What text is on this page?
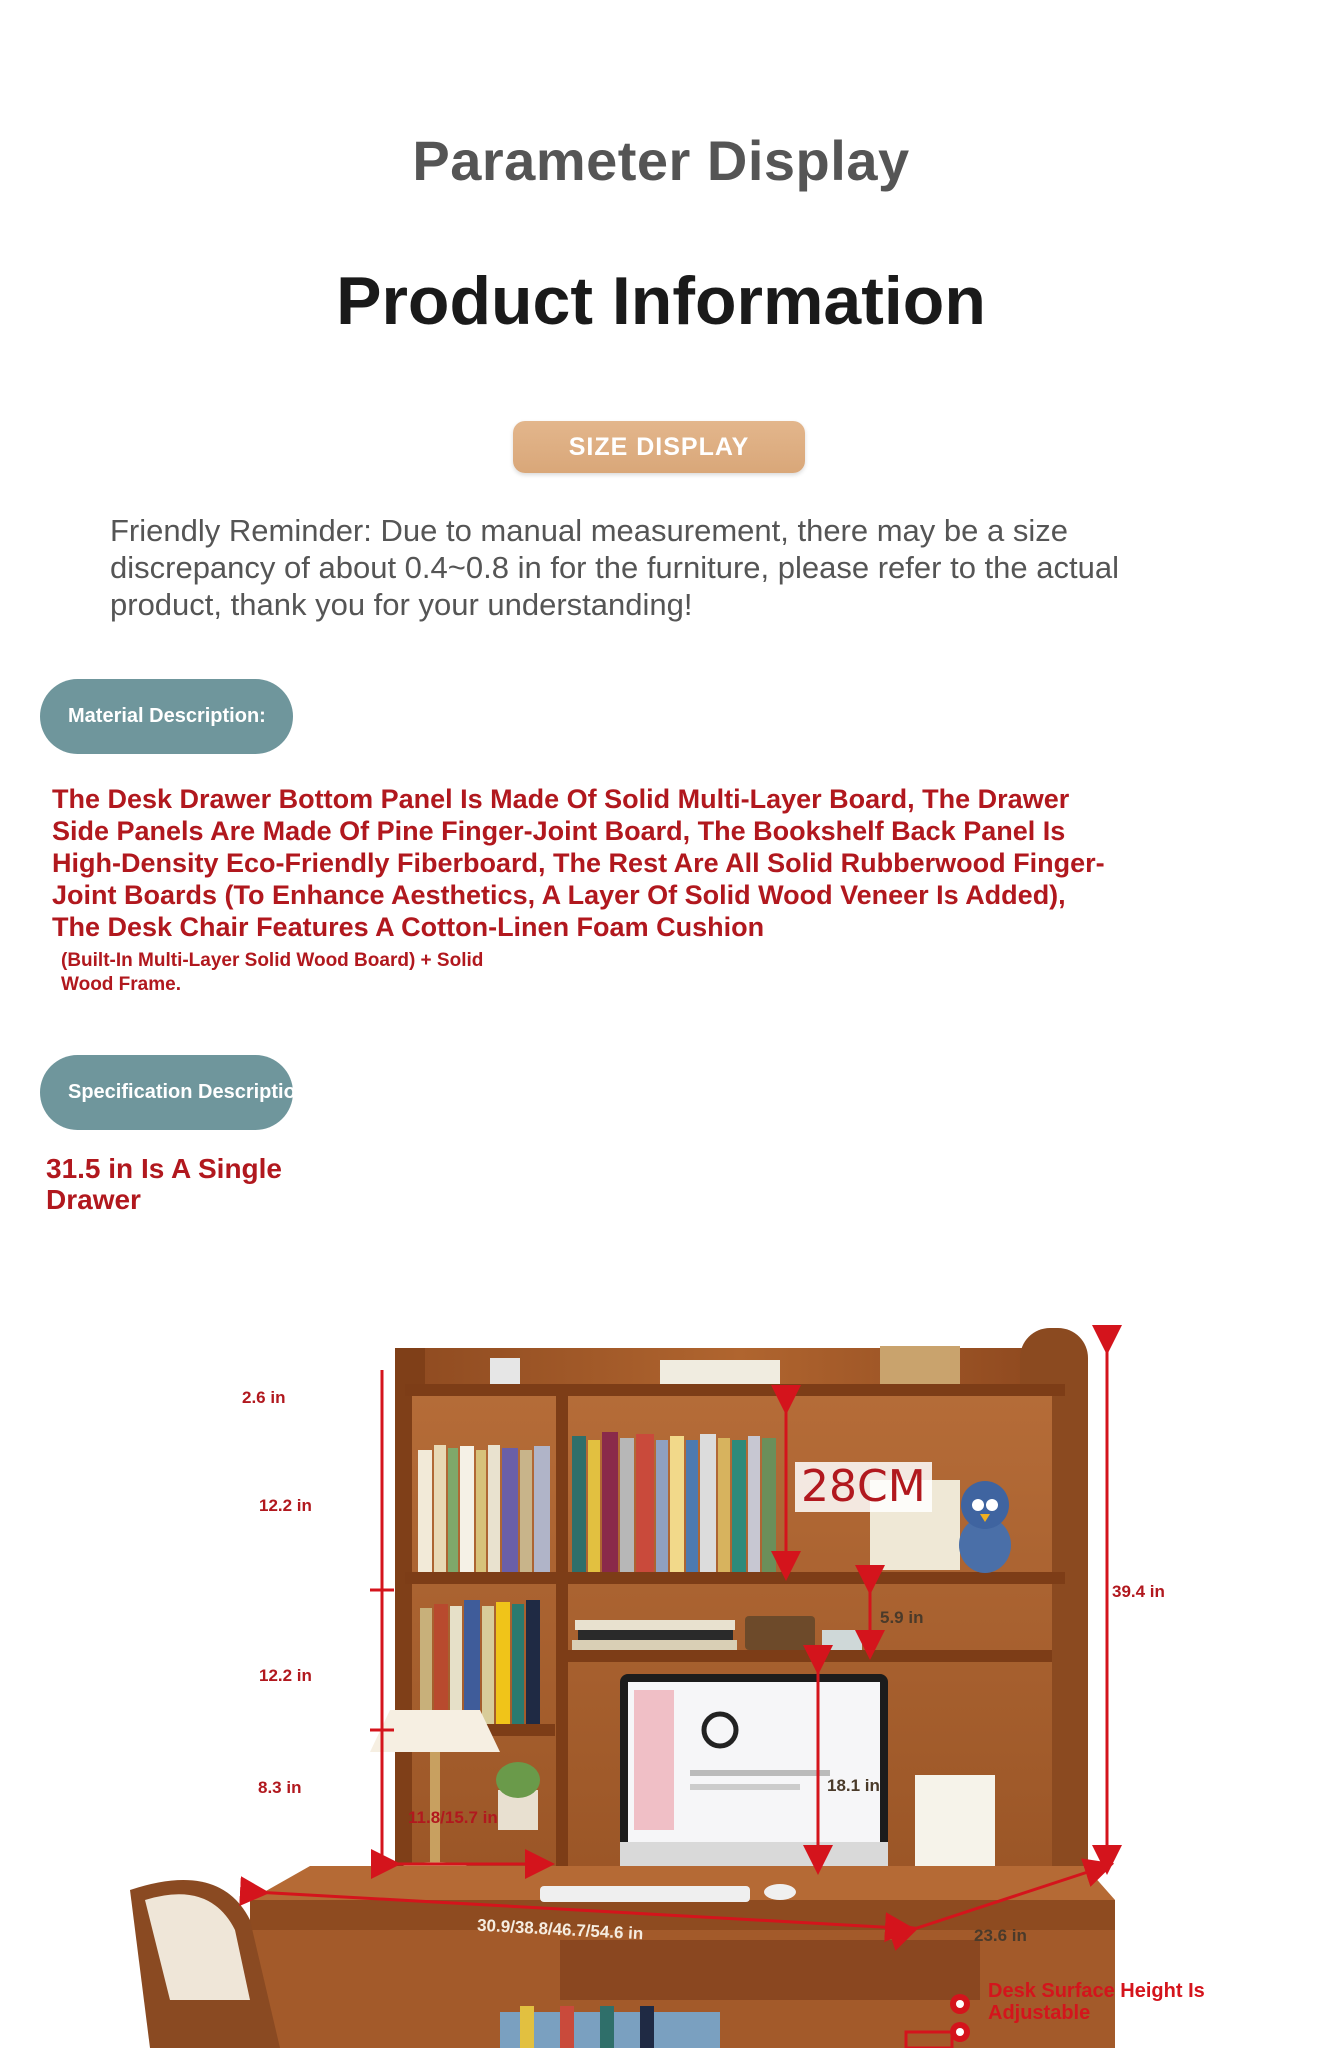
Parameter Display
Product Information
SIZE DISPLAY
Friendly Reminder: Due to manual measurement, there may be a size discrepancy of about 0.4~0.8 in for the furniture, please refer to the actual product, thank you for your understanding!
Material Description:
The Desk Drawer Bottom Panel Is Made Of Solid Multi-Layer Board, The Drawer Side Panels Are Made Of Pine Finger-Joint Board, The Bookshelf Back Panel Is High-Density Eco-Friendly Fiberboard, The Rest Are All Solid Rubberwood Finger-Joint Boards (To Enhance Aesthetics, A Layer Of Solid Wood Veneer Is Added), The Desk Chair Features A Cotton-Linen Foam Cushion
(Built-In Multi-Layer Solid Wood Board) + Solid Wood Frame.
Specification Description:
31.5 in Is A Single Drawer
2.6 in
12.2 in
12.2 in
8.3 in
28CM
5.9 in
39.4 in
18.1 in
11.8/15.7 in
30.9/38.8/46.7/54.6 in	23.6 in
Desk Surface Height Is Adjustable
